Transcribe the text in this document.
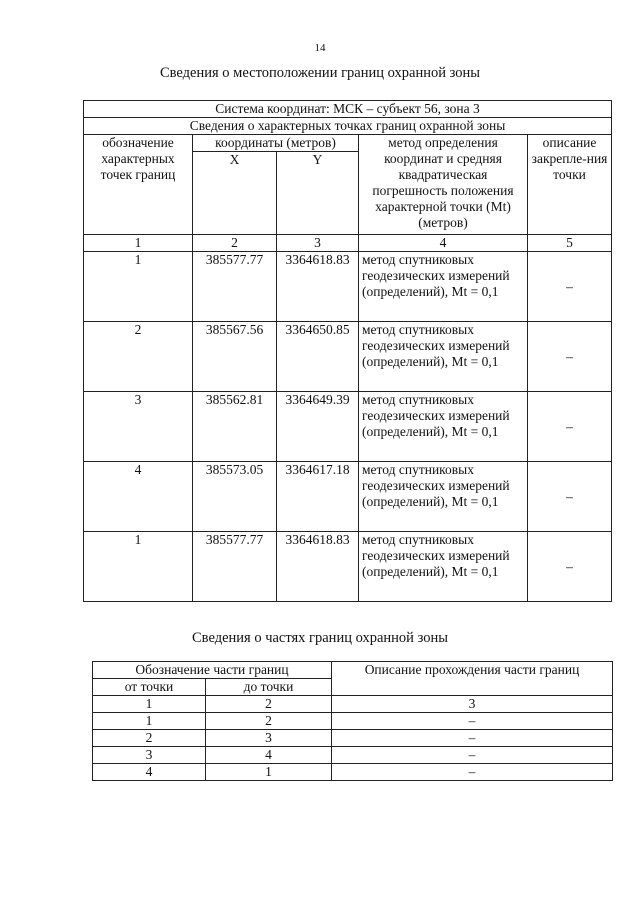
14
Сведения о местоположении границ охранной зоны
Система координат: МСК – субъект 56, зона 3				
Сведения о характерных точках границ охранной зоны				
обозначение характерных точек границ	координаты (метров)		метод определения координат и средняя квадратическая погрешность положения характерной точки (Mt) (метров)	описание закрепле-ния точки
	X	Y		
1	2	3	4	5
1	385577.77	3364618.83	метод спутниковых геодезических измерений (определений), Mt = 0,1	–
2	385567.56	3364650.85	метод спутниковых геодезических измерений (определений), Mt = 0,1	–
3	385562.81	3364649.39	метод спутниковых геодезических измерений (определений), Mt = 0,1	–
4	385573.05	3364617.18	метод спутниковых геодезических измерений (определений), Mt = 0,1	–
1	385577.77	3364618.83	метод спутниковых геодезических измерений (определений), Mt = 0,1	–
Сведения о частях границ охранной зоны
Обозначение части границ		Описание прохождения части границ
от точки	до точки	
1	2	3
1	2	–
2	3	–
3	4	–
4	1	–
